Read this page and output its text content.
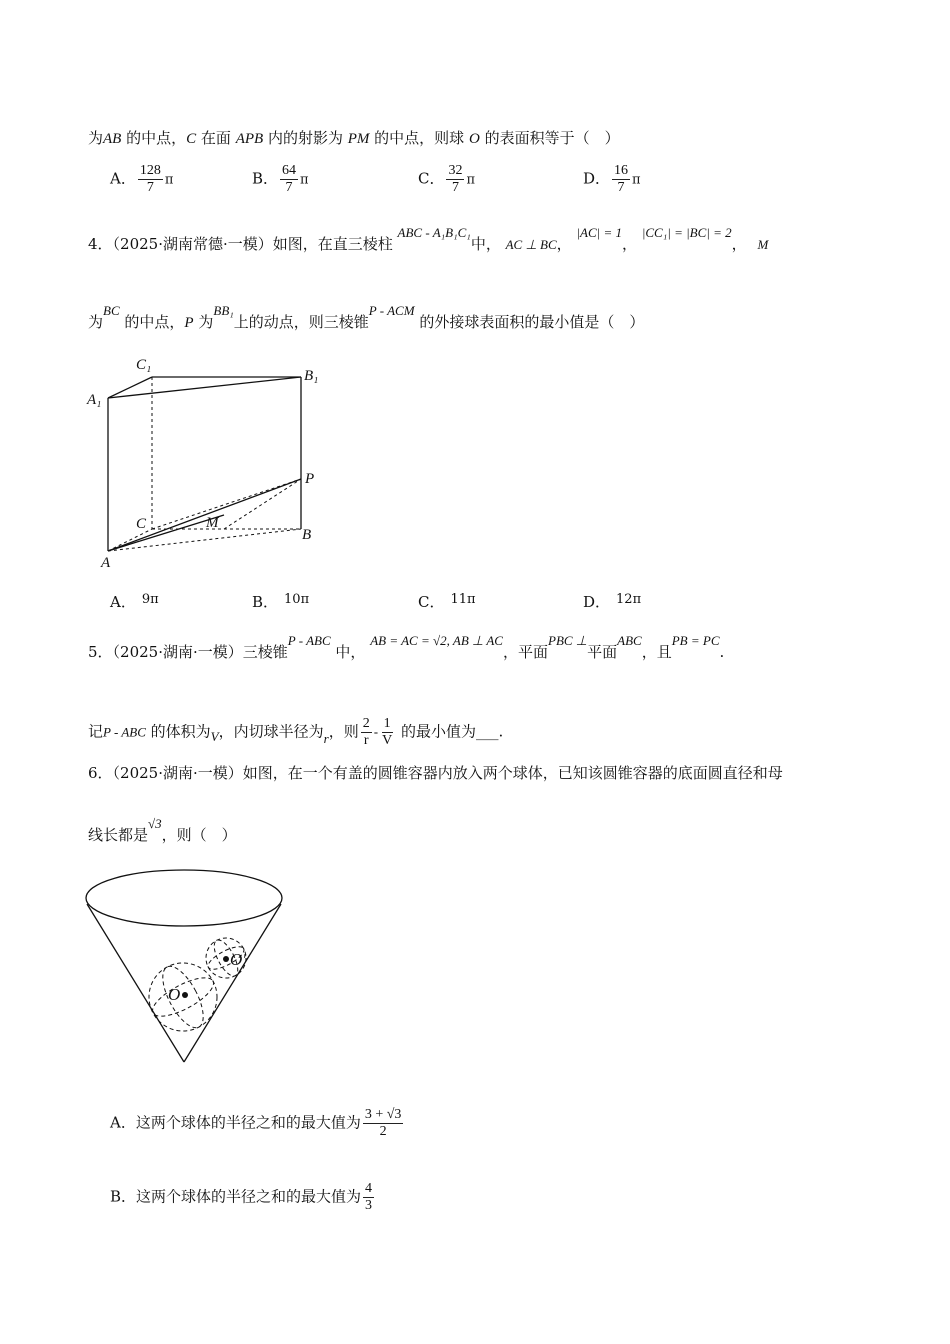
为AB 的中点，C 在面 APB 内的射影为 PM 的中点，则球 O 的表面积等于（　）
A． $\frac{128}{7}$ π	B． $\frac{64}{7}$ π	C． $\frac{32}{7}$ π	D． $\frac{16}{7}$ π
4．（2025·湖南常德·一模）如图，在直三棱柱 ABC - A₁B₁C₁中， AC ⊥ BC， |AC| = 1， |CC₁| = |BC| = 2， M
为BC 的中点，P 为BB₁上的动点，则三棱锥P - ACM 的外接球表面积的最小值是（　）
C₁
B₁
A₁
P
C	M
B
A
A． 9π	B． 10π	C． 11π	D． 12π
5．（2025·湖南·一模）三棱锥P - ABC 中， AB = AC = √2, AB ⊥ AC，平面PBC ⊥平面ABC，且PB = PC.
记P - ABC 的体积为V，内切球半径为r，则 $\frac{2}{r} - \frac{1}{V}$ 的最小值为___.
6．（2025·湖南·一模）如图，在一个有盖的圆锥容器内放入两个球体，已知该圆锥容器的底面圆直径和母
线长都是√3，则（　）
O
O′
A．这两个球体的半径之和的最大值为 $\frac{3 + √3}{2}$
B．这两个球体的半径之和的最大值为 $\frac{4}{3}$
